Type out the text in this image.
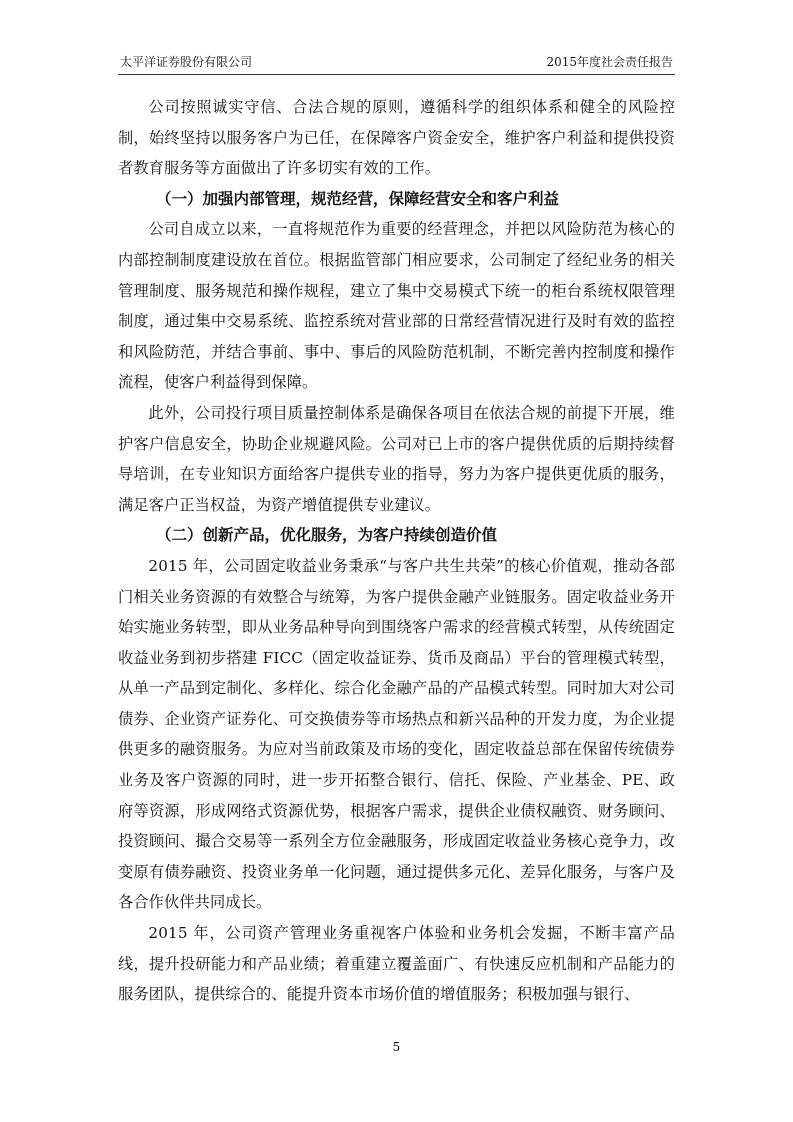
太平洋证券股份有限公司	2015年度社会责任报告

公司按照诚实守信、合法合规的原则，遵循科学的组织体系和健全的风险控制，始终坚持以服务客户为已任，在保障客户资金安全，维护客户利益和提供投资者教育服务等方面做出了许多切实有效的工作。

（一）加强内部管理，规范经营，保障经营安全和客户利益

公司自成立以来，一直将规范作为重要的经营理念，并把以风险防范为核心的内部控制制度建设放在首位。根据监管部门相应要求，公司制定了经纪业务的相关管理制度、服务规范和操作规程，建立了集中交易模式下统一的柜台系统权限管理制度，通过集中交易系统、监控系统对营业部的日常经营情况进行及时有效的监控和风险防范，并结合事前、事中、事后的风险防范机制，不断完善内控制度和操作流程，使客户利益得到保障。

此外，公司投行项目质量控制体系是确保各项目在依法合规的前提下开展，维护客户信息安全，协助企业规避风险。公司对已上市的客户提供优质的后期持续督导培训，在专业知识方面给客户提供专业的指导，努力为客户提供更优质的服务，满足客户正当权益，为资产增值提供专业建议。

（二）创新产品，优化服务，为客户持续创造价值

2015 年，公司固定收益业务秉承“与客户共生共荣”的核心价值观，推动各部门相关业务资源的有效整合与统筹，为客户提供金融产业链服务。固定收益业务开始实施业务转型，即从业务品种导向到围绕客户需求的经营模式转型，从传统固定收益业务到初步搭建 FICC（固定收益证券、货币及商品）平台的管理模式转型，从单一产品到定制化、多样化、综合化金融产品的产品模式转型。同时加大对公司债券、企业资产证券化、可交换债券等市场热点和新兴品种的开发力度，为企业提供更多的融资服务。为应对当前政策及市场的变化，固定收益总部在保留传统债券业务及客户资源的同时，进一步开拓整合银行、信托、保险、产业基金、PE、政府等资源，形成网络式资源优势，根据客户需求，提供企业债权融资、财务顾问、投资顾问、撮合交易等一系列全方位金融服务，形成固定收益业务核心竞争力，改变原有债券融资、投资业务单一化问题，通过提供多元化、差异化服务，与客户及各合作伙伴共同成长。

2015 年，公司资产管理业务重视客户体验和业务机会发掘，不断丰富产品线，提升投研能力和产品业绩；着重建立覆盖面广、有快速反应机制和产品能力的服务团队，提供综合的、能提升资本市场价值的增值服务；积极加强与银行、

5
